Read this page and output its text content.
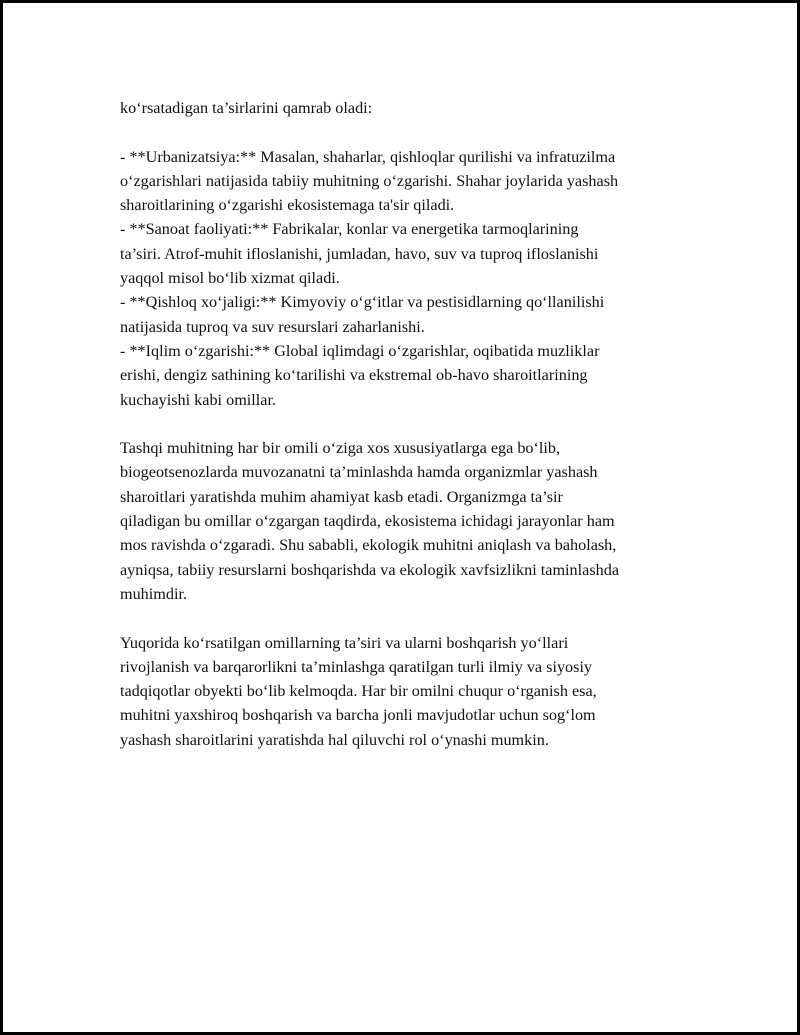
ko‘rsatadigan ta’sirlarini qamrab oladi:
- **Urbanizatsiya:** Masalan, shaharlar, qishloqlar qurilishi va infratuzilma
o‘zgarishlari natijasida tabiiy muhitning o‘zgarishi. Shahar joylarida yashash
sharoitlarining o‘zgarishi ekosistemaga ta'sir qiladi.
- **Sanoat faoliyati:** Fabrikalar, konlar va energetika tarmoqlarining
ta’siri. Atrof-muhit ifloslanishi, jumladan, havo, suv va tuproq ifloslanishi
yaqqol misol bo‘lib xizmat qiladi.
- **Qishloq xo‘jaligi:** Kimyoviy o‘g‘itlar va pestisidlarning qo‘llanilishi
natijasida tuproq va suv resurslari zaharlanishi.
- **Iqlim o‘zgarishi:** Global iqlimdagi o‘zgarishlar, oqibatida muzliklar
erishi, dengiz sathining ko‘tarilishi va ekstremal ob-havo sharoitlarining
kuchayishi kabi omillar.
Tashqi muhitning har bir omili o‘ziga xos xususiyatlarga ega bo‘lib,
biogeotsenozlarda muvozanatni ta’minlashda hamda organizmlar yashash
sharoitlari yaratishda muhim ahamiyat kasb etadi. Organizmga ta’sir
qiladigan bu omillar o‘zgargan taqdirda, ekosistema ichidagi jarayonlar ham
mos ravishda o‘zgaradi. Shu sababli, ekologik muhitni aniqlash va baholash,
ayniqsa, tabiiy resurslarni boshqarishda va ekologik xavfsizlikni taminlashda
muhimdir.
Yuqorida ko‘rsatilgan omillarning ta’siri va ularni boshqarish yo‘llari
rivojlanish va barqarorlikni ta’minlashga qaratilgan turli ilmiy va siyosiy
tadqiqotlar obyekti bo‘lib kelmoqda. Har bir omilni chuqur o‘rganish esa,
muhitni yaxshiroq boshqarish va barcha jonli mavjudotlar uchun sog‘lom
yashash sharoitlarini yaratishda hal qiluvchi rol o‘ynashi mumkin.
